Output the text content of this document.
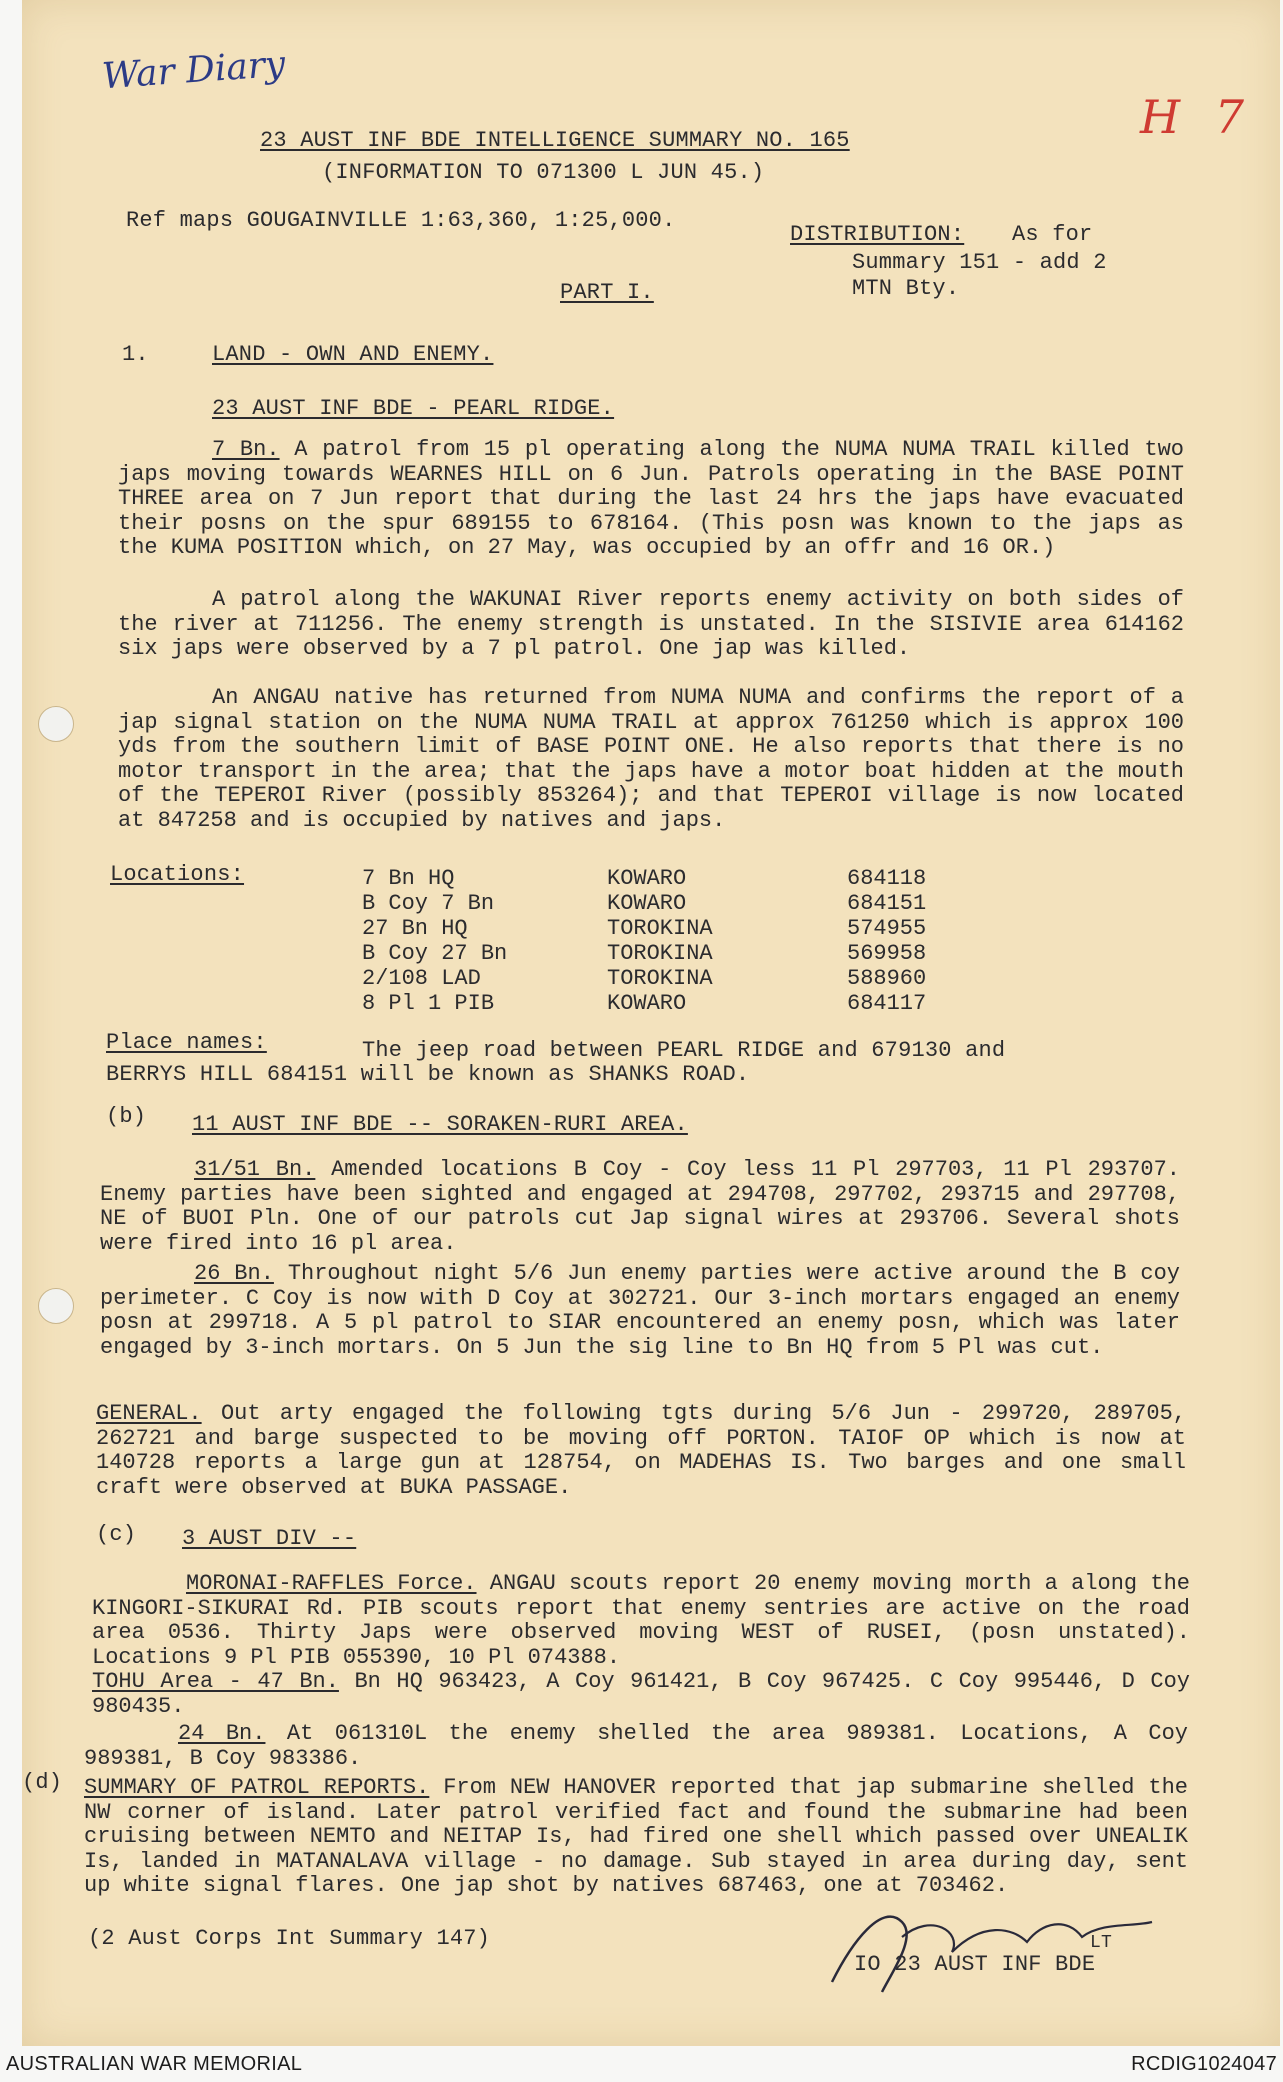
War Diary
H 7
23 AUST INF BDE INTELLIGENCE SUMMARY NO. 165
(INFORMATION TO 071300 L JUN 45.)
Ref maps GOUGAINVILLE 1:63,360, 1:25,000.
DISTRIBUTION: As for
Summary 151 - add 2
MTN Bty.
PART I.
1.	LAND - OWN AND ENEMY.
23 AUST INF BDE - PEARL RIDGE.
7 Bn. A patrol from 15 pl operating along the NUMA NUMA TRAIL killed two japs moving towards WEARNES HILL on 6 Jun. Patrols operating in the BASE POINT THREE area on 7 Jun report that during the last 24 hrs the japs have evacuated their posns on the spur 689155 to 678164. (This posn was known to the japs as the KUMA POSITION which, on 27 May, was occupied by an offr and 16 OR.)
A patrol along the WAKUNAI River reports enemy activity on both sides of the river at 711256. The enemy strength is unstated. In the SISIVIE area 614162 six japs were observed by a 7 pl patrol. One jap was killed.
An ANGAU native has returned from NUMA NUMA and confirms the report of a jap signal station on the NUMA NUMA TRAIL at approx 761250 which is approx 100 yds from the southern limit of BASE POINT ONE. He also reports that there is no motor transport in the area; that the japs have a motor boat hidden at the mouth of the TEPEROI River (possibly 853264); and that TEPEROI village is now located at 847258 and is occupied by natives and japs.
Locations:	7 Bn HQ	KOWARO	684118
B Coy 7 Bn	KOWARO	684151
27 Bn HQ	TOROKINA	574955
B Coy 27 Bn	TOROKINA	569958
2/108 LAD	TOROKINA	588960
8 Pl 1 PIB	KOWARO	684117
Place names:	The jeep road between PEARL RIDGE and 679130 and
BERRYS HILL 684151 will be known as SHANKS ROAD.
(b) 11 AUST INF BDE -- SORAKEN-RURI AREA.
31/51 Bn. Amended locations B Coy - Coy less 11 Pl 297703, 11 Pl 293707. Enemy parties have been sighted and engaged at 294708, 297702, 293715 and 297708, NE of BUOI Pln. One of our patrols cut Jap signal wires at 293706. Several shots were fired into 16 pl area.
26 Bn. Throughout night 5/6 Jun enemy parties were active around the B coy perimeter. C Coy is now with D Coy at 302721. Our 3-inch mortars engaged an enemy posn at 299718. A 5 pl patrol to SIAR encountered an enemy posn, which was later engaged by 3-inch mortars. On 5 Jun the sig line to Bn HQ from 5 Pl was cut.
GENERAL. Out arty engaged the following tgts during 5/6 Jun - 299720, 289705, 262721 and barge suspected to be moving off PORTON. TAIOF OP which is now at 140728 reports a large gun at 128754, on MADEHAS IS. Two barges and one small craft were observed at BUKA PASSAGE.
(c) 3 AUST DIV --
MORONAI-RAFFLES Force. ANGAU scouts report 20 enemy moving morth a along the KINGORI-SIKURAI Rd. PIB scouts report that enemy sentries are active on the road area 0536. Thirty Japs were observed moving WEST of RUSEI, (posn unstated). Locations 9 Pl PIB 055390, 10 Pl 074388.
TOHU Area - 47 Bn. Bn HQ 963423, A Coy 961421, B Coy 967425. C Coy 995446, D Coy 980435.
24 Bn. At 061310L the enemy shelled the area 989381. Locations, A Coy 989381, B Coy 983386.
(d) SUMMARY OF PATROL REPORTS. From NEW HANOVER reported that jap submarine shelled the NW corner of island. Later patrol verified fact and found the submarine had been cruising between NEMTO and NEITAP Is, had fired one shell which passed over UNEALIK Is, landed in MATANALAVA village - no damage. Sub stayed in area during day, sent up white signal flares. One jap shot by natives 687463, one at 703462.
(2 Aust Corps Int Summary 147)	LT
IO 23 AUST INF BDE
AUSTRALIAN WAR MEMORIAL	RCDIG1024047
